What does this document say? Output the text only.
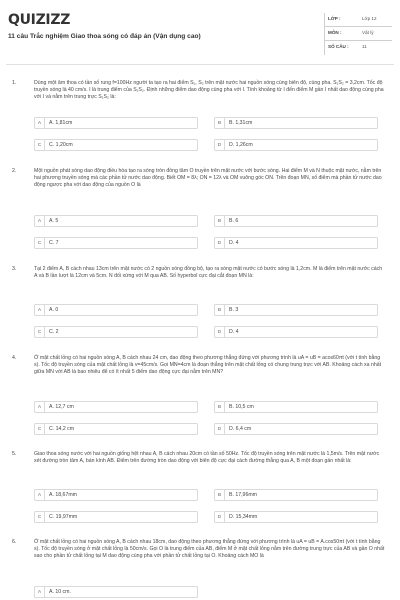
QUIZIZZ
11 câu Trắc nghiệm Giao thoa sóng có đáp án (Vận dụng cao)
LỚP :	Lớp 12
MÔN :	Vật lý
SỐ CÂU :	11
1.	Dùng một âm thoa có tần số rung f=100Hz người ta tạo ra hai điểm S₁, S₂ trên mặt nước hai nguồn sóng cùng biên độ, cùng pha. S₁S₂ = 3,2cm. Tốc độ truyền sóng là 40 cm/s. I là trung điểm của S₁S₂. Định những điểm dao động cùng pha với I. Tính khoảng từ I đến điểm M gần I nhất dao động cùng pha với I và nằm trên trung trực S₁S₂ là:
A	A. 1,81cm	B	B. 1,31cm
C	C. 1,20cm	D	D. 1,26cm
2.	Một nguồn phát sóng dao động điều hòa tạo ra sóng tròn đồng tâm O truyền trên mặt nước với bước sóng. Hai điểm M và N thuộc mặt nước, nằm trên hai phương truyền sóng mà các phần tử nước dao động. Biết OM = 8λ; ON = 12λ và OM vuông góc ON. Trên đoạn MN, số điểm mà phần tử nước dao động ngược pha với dao động của nguồn O là
A	A. 5	B	B. 6
C	C. 7	D	D. 4
3.	Tại 2 điểm A, B cách nhau 13cm trên mặt nước có 2 nguồn sóng đồng bộ, tạo ra sóng mặt nước có bước sóng là 1,2cm. M là điểm trên mặt nước cách A và B lần lượt là 12cm và 5cm. N đối xứng với M qua AB. Số hyperbol cực đại cắt đoạn MN là:
A	A. 0	B	B. 3
C	C. 2	D	D. 4
4.	Ở mặt chất lỏng có hai nguồn sóng A, B cách nhau 24 cm, dao động theo phương thẳng đứng với phương trình là uA = uB = acos60πt (với t tính bằng s). Tốc độ truyền sóng của mặt chất lỏng là v=45cm/s. Gọi MN=4cm là đoạn thẳng trên mặt chất lỏng có chung trung trực với AB. Khoảng cách xa nhất giữa MN với AB là bao nhiêu để có ít nhất 5 điểm dao động cực đại nằm trên MN?
A	A. 12,7 cm	B	B. 10,5 cm
C	C. 14,2 cm	D	D. 6,4 cm
5.	Giao thoa sóng nước với hai nguồn giống hệt nhau A, B cách nhau 20cm có tần số 50Hz. Tốc độ truyền sóng trên mặt nước là 1,5m/s. Trên mặt nước xét đường tròn tâm A, bán kính AB. Điểm trên đường tròn dao động với biên độ cực đại cách đường thẳng qua A, B một đoạn gần nhất là:
A	A. 18,67mm	B	B. 17,96mm
C	C. 19,97mm	D	D. 15,34mm
6.	Ở mặt chất lỏng có hai nguồn sóng A, B cách nhau 18cm, dao động theo phương thẳng đứng với phương trình là uA = uB = A.cos50πt (với t tính bằng s). Tốc độ truyền sóng ở mặt chất lỏng là 50cm/s. Gọi O là trung điểm của AB, điểm M ở mặt chất lỏng nằm trên đường trung trực của AB và gần O nhất sao cho phần tử chất lỏng tại M dao động cùng pha với phần tử chất lỏng tại O. Khoảng cách MO là
A	A. 10 cm.
